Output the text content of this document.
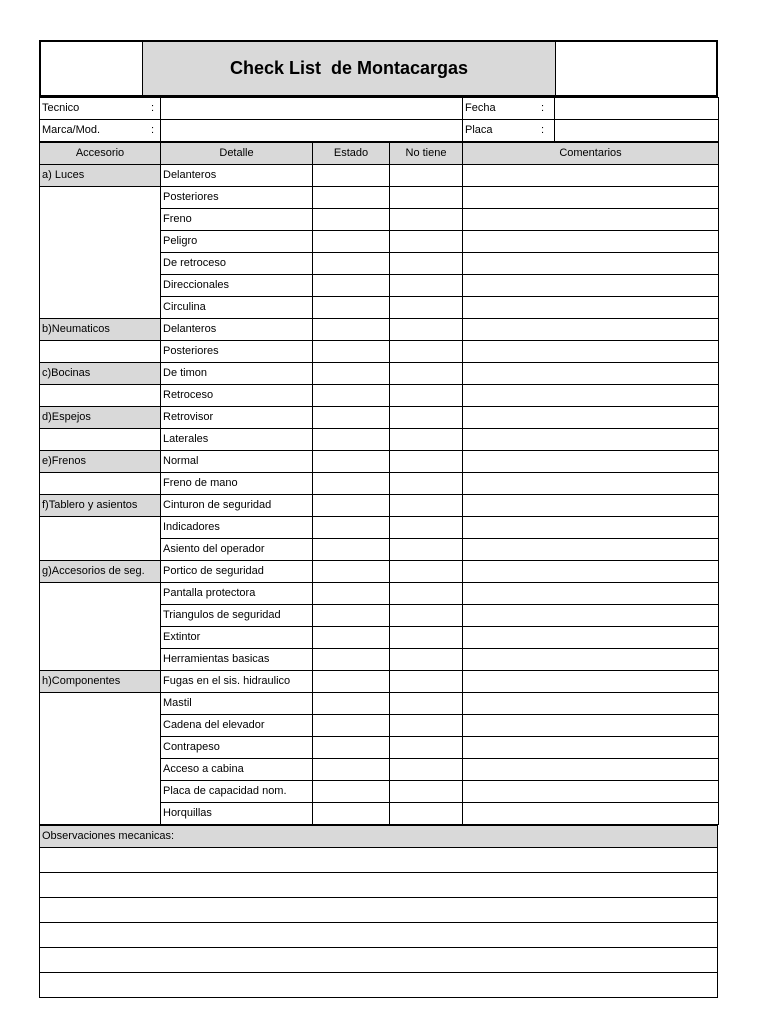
Check List  de Montacargas
Tecnico :		Fecha :	

Marca/Mod. :		Placa :	

Accesorio	Detalle	Estado	No tiene	Comentarios
a) Luces	Delanteros			
	Posteriores			
	Freno			
	Peligro			
	De retroceso			
	Direccionales			
	Circulina			
b)Neumaticos	Delanteros			
	Posteriores			
c)Bocinas	De timon			
	Retroceso			
d)Espejos	Retrovisor			
	Laterales			
e)Frenos	Normal			
	Freno de mano			
f)Tablero y asientos	Cinturon de seguridad			
	Indicadores			
	Asiento del operador			
g)Accesorios de seg.	Portico de seguridad			
	Pantalla protectora			
	Triangulos de seguridad			
	Extintor			
	Herramientas basicas			
h)Componentes	Fugas en el sis. hidraulico			
	Mastil			
	Cadena del elevador			
	Contrapeso			
	Acceso a cabina			
	Placa de capacidad nom.			
	Horquillas			
Observaciones mecanicas:
